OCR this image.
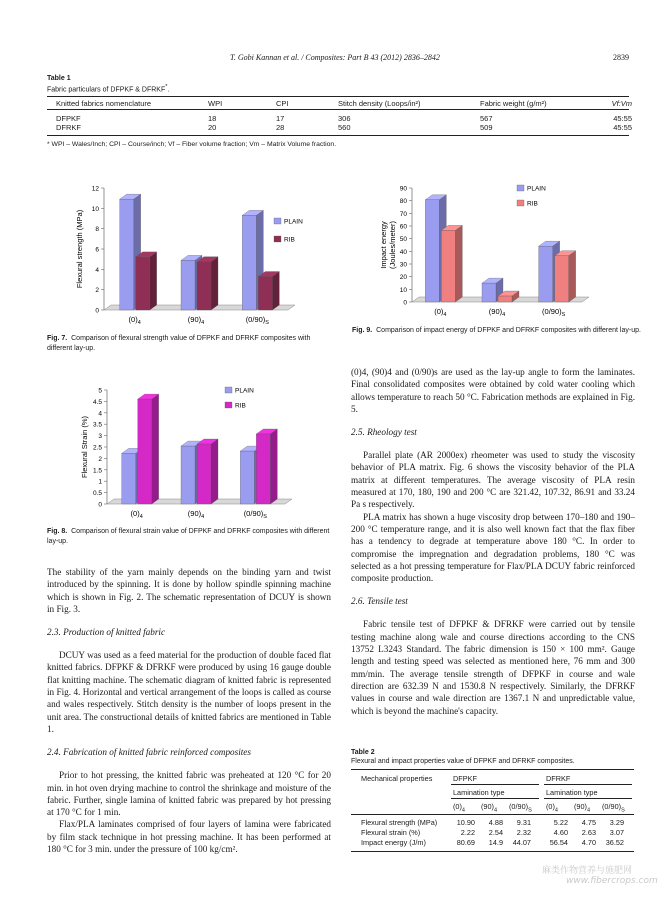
T. Gobi Kannan et al. / Composites: Part B 43 (2012) 2836–2842	2839
Table 1
Fabric particulars of DFPKF & DFRKF*.
Knitted fabrics nomenclature	WPI	CPI	Stitch density (Loops/in²)	Fabric weight (g/m²)	Vf:Vm

DFPKF	18	17	306	567	45:55
DFRKF	20	28	560	509	45:55
* WPI – Wales/Inch; CPI – Course/inch; Vf – Fiber volume fraction; Vm – Matrix Volume fraction.
0
2
4
6
8
10
12
Flexural strength (MPa)
$(0)_4$	$(90)_4$	$(0/90)_S$
PLAIN
RIB
Fig. 7. Comparison of flexural strength value of DFPKF and DFRKF composites with different lay-up.
0
10
20
30
40
50
60
70
80
90
Impact energy(Joules/meter)
$(0)_4$	$(90)_4$	$(0/90)_S$
PLAIN
RIB
Fig. 9. Comparison of impact energy of DFPKF and DFRKF composites with different lay-up.
0
0.5
1
1.5
2
2.5
3
3.5
4
4.5
5
Flexural Strain (%)
$(0)_4$	$(90)_4$	$(0/90)_S$
PLAIN
RIB
Fig. 8. Comparison of flexural strain value of DFPKF and DFRKF composites with different lay-up.
The stability of the yarn mainly depends on the binding yarn and twist introduced by the spinning. It is done by hollow spindle spinning machine which is shown in Fig. 2. The schematic representation of DCUY is shown in Fig. 3.
2.3. Production of knitted fabric
DCUY was used as a feed material for the production of double faced flat knitted fabrics. DFPKF & DFRKF were produced by using 16 gauge double flat knitting machine. The schematic diagram of knitted fabric is represented in Fig. 4. Horizontal and vertical arrangement of the loops is called as course and wales respectively. Stitch density is the number of loops present in the unit area. The constructional details of knitted fabrics are mentioned in Table 1.
2.4. Fabrication of knitted fabric reinforced composites
Prior to hot pressing, the knitted fabric was preheated at 120 °C for 20 min. in hot oven drying machine to control the shrinkage and moisture of the fabric. Further, single lamina of knitted fabric was prepared by hot pressing at 170 °C for 1 min.
Flax/PLA laminates comprised of four layers of lamina were fabricated by film stack technique in hot pressing machine. It has been performed at 180 °C for 3 min. under the pressure of 100 kg/cm².
(0)4, (90)4 and (0/90)s are used as the lay-up angle to form the laminates. Final consolidated composites were obtained by cold water cooling which allows temperature to reach 50 °C. Fabrication methods are explained in Fig. 5.
2.5. Rheology test
Parallel plate (AR 2000ex) rheometer was used to study the viscosity behavior of PLA matrix. Fig. 6 shows the viscosity behavior of the PLA matrix at different temperatures. The average viscosity of PLA resin measured at 170, 180, 190 and 200 °C are 321.42, 107.32, 86.91 and 33.24 Pa s respectively.
PLA matrix has shown a huge viscosity drop between 170–180 and 190–200 °C temperature range, and it is also well known fact that the flax fiber has a tendency to degrade at temperature above 180 °C. In order to compromise the impregnation and degradation problems, 180 °C was selected as a hot pressing temperature for Flax/PLA DCUY fabric reinforced composite production.
2.6. Tensile test
Fabric tensile test of DFPKF & DFRKF were carried out by tensile testing machine along wale and course directions according to the CNS 13752 L3243 Standard. The fabric dimension is 150 × 100 mm². Gauge length and testing speed was selected as mentioned here, 76 mm and 300 mm/min. The average tensile strength of DFPKF in course and wale direction are 632.39 N and 1530.8 N respectively. Similarly, the DFRKF values in course and wale direction are 1367.1 N and unpredictable value, which is beyond the machine's capacity.
Table 2
Flexural and impact properties value of DFPKF and DFRKF composites.
Mechanical properties	DFPKF	DFRKF
Lamination type	Lamination type
$(0)_4$ $(90)_4$ $(0/90)_S$ $(0)_4$ $(90)_4$ $(0/90)_S$
Flexural strength (MPa)	10.90	4.88	9.31	5.22	4.75	3.29
Flexural strain (%)	2.22	2.54	2.32	4.60	2.63	3.07
Impact energy (J/m)	80.69	14.9	44.07	56.54	4.70	36.52
麻类作物营养与施肥网
www.fibercrops.com
